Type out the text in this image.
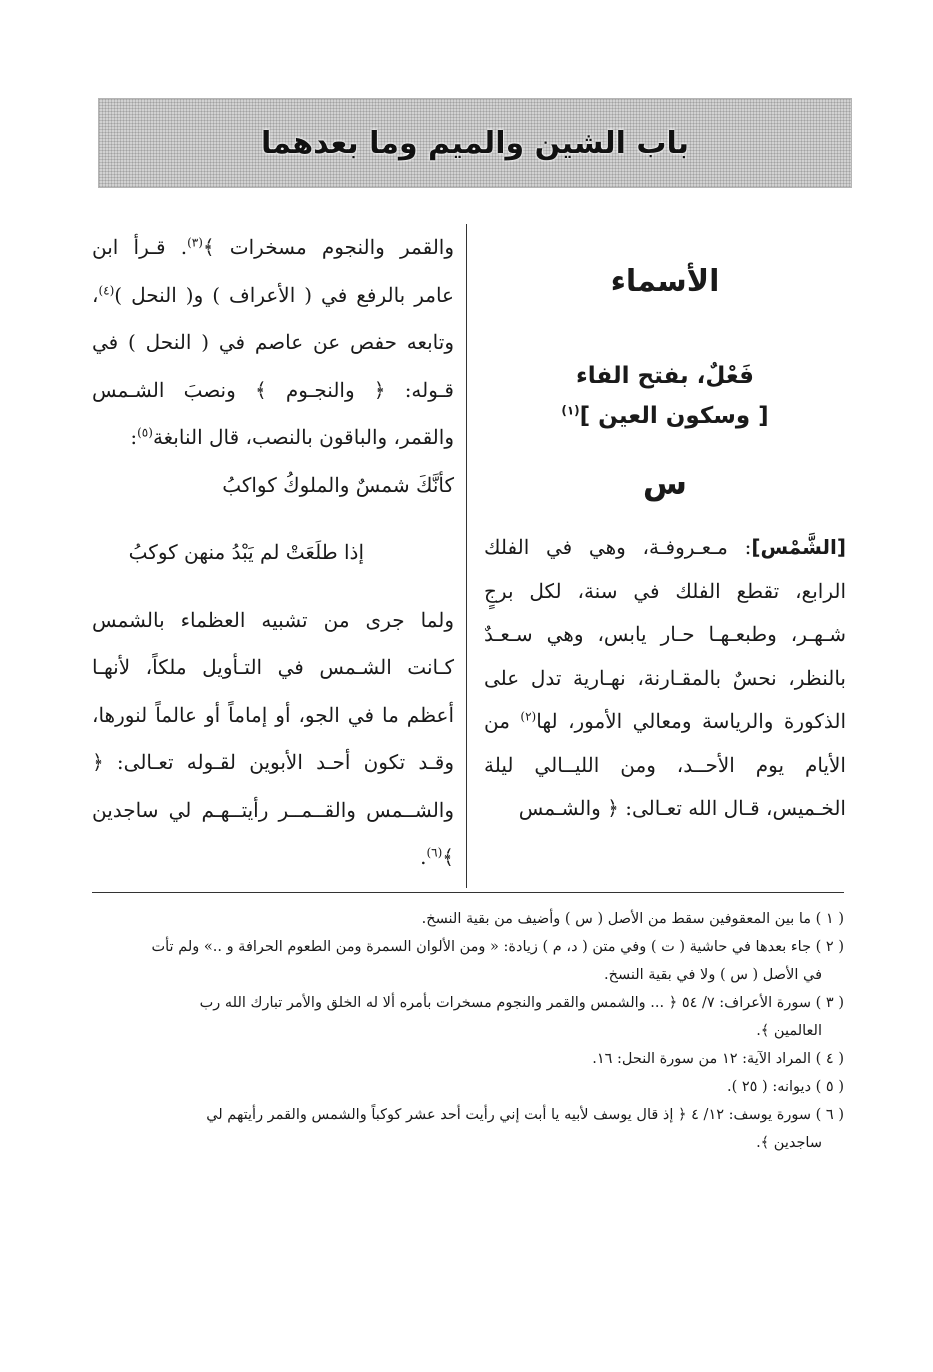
باب الشين والميم وما بعدهما
الأسماء
فَعْلٌ، بفتح الفاء
[ وسكون العين ]$^{(١)}$
س
[الشَّمْس]: مـعـروفـة، وهي في الفلك الرابع، تقطع الفلك في سنة، لكل برجٍ شـهـر، وطبعـهـا حـار يابس، وهي سـعـدٌ بالنظر، نحسٌ بالمقـارنة، نهـارية تدل على الذكورة والرياسة ومعالي الأمور، لها$^{(٢)}$ من الأيام يوم الأحــد، ومن الليــالي ليلة الخـميس، قـال الله تعـالى: ﴿ والشـمس

والقمر والنجوم مسخرات ﴾$^{(٣)}$. قـرأ ابن عامر بالرفع في ( الأعراف ) و( النحل )$^{(٤)}$، وتابعه حفص عن عاصم في ( النحل ) في قـوله: ﴿ والنجـوم ﴾ ونصبَ الشـمس والقمر، والباقون بالنصب، قال النابغة$^{(٥)}$:

كأنَّكَ شمسٌ والملوكُ كواكبُ

إذا طلَعَتْ لم يَبْدُ منهن كوكبُ

ولما جرى من تشبيه العظماء بالشمس كـانت الشـمس في التـأويل ملكاً، لأنهـا أعظم ما في الجو، أو إماماً أو عالماً لنورها، وقـد تكون أحـد الأبوين لقـوله تعـالى: ﴿ والشــمس والقــمــر رأيتــهـم لي ساجدين ﴾$^{(٦)}$.

( ١ ) ما بين المعقوفين سقط من الأصل ( س ) وأضيف من بقية النسخ.

( ٢ ) جاء بعدها في حاشية ( ت ) وفي متن ( د، م ) زيادة: « ومن الألوان السمرة ومن الطعوم الحرافة و ..» ولم تأت

في الأصل ( س ) ولا في بقية النسخ.

( ٣ ) سورة الأعراف: ٧/ ٥٤ ﴿ ... والشمس والقمر والنجوم مسخرات بأمره ألا له الخلق والأمر تبارك الله رب

العالمين ﴾.

( ٤ ) المراد الآية: ١٢ من سورة النحل: ١٦.

( ٥ ) ديوانه: ( ٢٥ ).

( ٦ ) سورة يوسف: ١٢/ ٤ ﴿ إذ قال يوسف لأبيه يا أبت إني رأيت أحد عشر كوكباً والشمس والقمر رأيتهم لي

ساجدين ﴾.
